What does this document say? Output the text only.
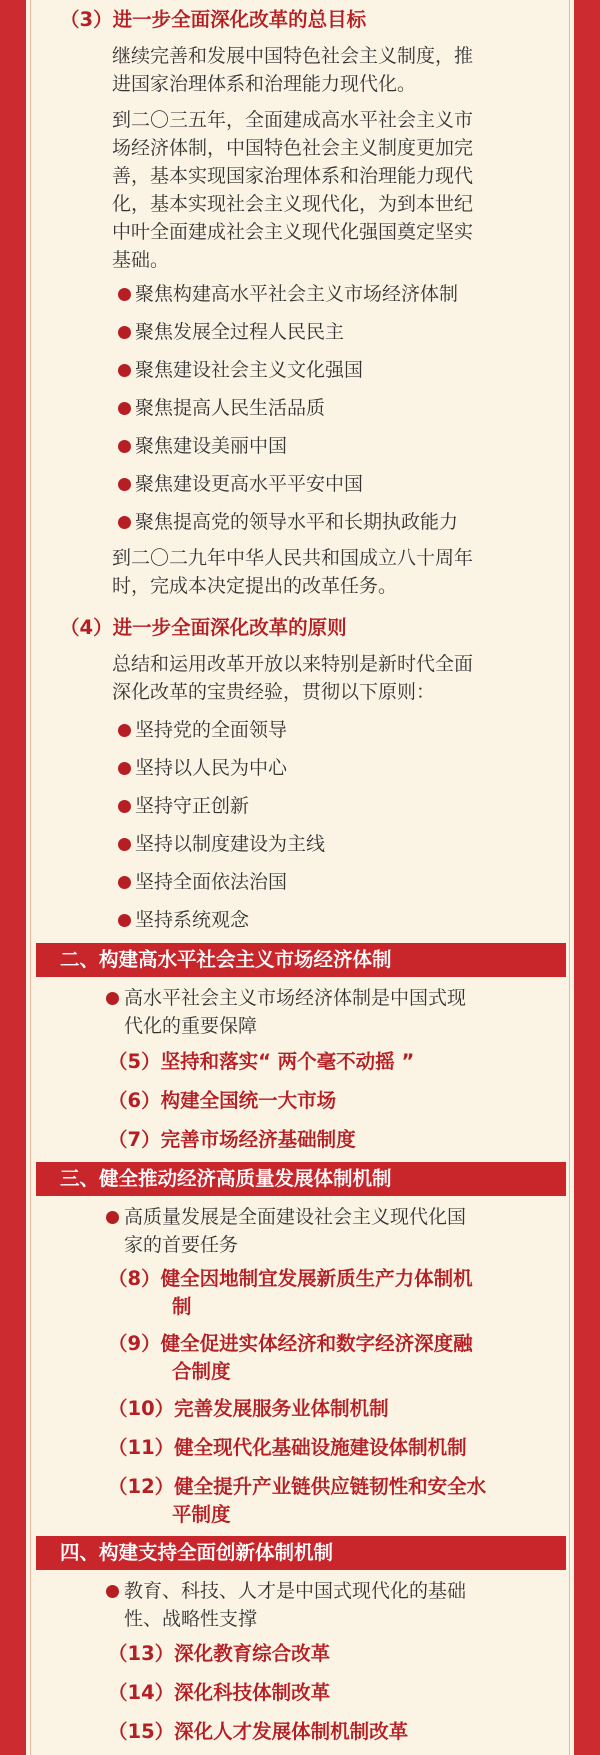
（3）进一步全面深化改革的总目标
继续完善和发展中国特色社会主义制度，推
进国家治理体系和治理能力现代化。
到二〇三五年，全面建成高水平社会主义市
场经济体制，中国特色社会主义制度更加完
善，基本实现国家治理体系和治理能力现代
化，基本实现社会主义现代化，为到本世纪
中叶全面建成社会主义现代化强国奠定坚实
基础。
聚焦构建高水平社会主义市场经济体制
聚焦发展全过程人民民主
聚焦建设社会主义文化强国
聚焦提高人民生活品质
聚焦建设美丽中国
聚焦建设更高水平平安中国
聚焦提高党的领导水平和长期执政能力
到二〇二九年中华人民共和国成立八十周年
时，完成本决定提出的改革任务。
（4）进一步全面深化改革的原则
总结和运用改革开放以来特别是新时代全面
深化改革的宝贵经验，贯彻以下原则：
坚持党的全面领导
坚持以人民为中心
坚持守正创新
坚持以制度建设为主线
坚持全面依法治国
坚持系统观念
二、构建高水平社会主义市场经济体制
高水平社会主义市场经济体制是中国式现
代化的重要保障
（5）坚持和落实“ 两个毫不动摇 ”
（6）构建全国统一大市场
（7）完善市场经济基础制度
三、健全推动经济高质量发展体制机制
高质量发展是全面建设社会主义现代化国
家的首要任务
（8）健全因地制宜发展新质生产力体制机
制
（9）健全促进实体经济和数字经济深度融
合制度
（10）完善发展服务业体制机制
（11）健全现代化基础设施建设体制机制
（12）健全提升产业链供应链韧性和安全水
平制度
四、构建支持全面创新体制机制
教育、科技、人才是中国式现代化的基础
性、战略性支撑
（13）深化教育综合改革
（14）深化科技体制改革
（15）深化人才发展体制机制改革
